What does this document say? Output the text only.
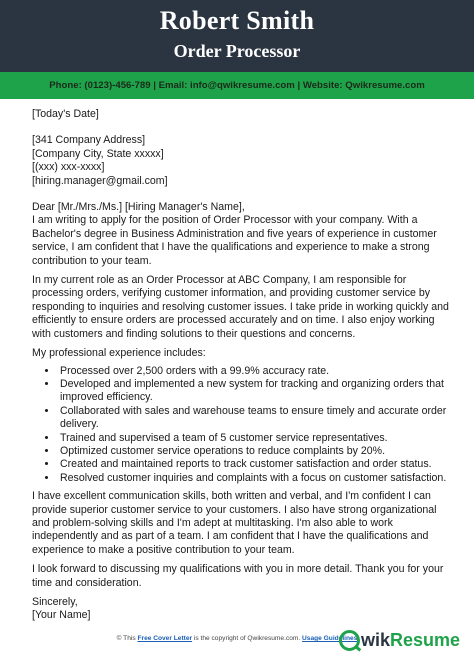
Robert Smith
Order Processor
Phone: (0123)-456-789 | Email: info@qwikresume.com | Website: Qwikresume.com

[Today's Date]

[341 Company Address]

[Company City, State xxxxx]

[(xxx) xxx-xxxx]

[hiring.manager@gmail.com]

Dear [Mr./Mrs./Ms.] [Hiring Manager's Name],

I am writing to apply for the position of Order Processor with your company. With a Bachelor's degree in Business Administration and five years of experience in customer service, I am confident that I have the qualifications and experience to make a strong contribution to your team.

In my current role as an Order Processor at ABC Company, I am responsible for processing orders, verifying customer information, and providing customer service by responding to inquiries and resolving customer issues. I take pride in working quickly and efficiently to ensure orders are processed accurately and on time. I also enjoy working with customers and finding solutions to their questions and concerns.

My professional experience includes:

• Processed over 2,500 orders with a 99.9% accuracy rate.
• Developed and implemented a new system for tracking and organizing orders that improved efficiency.
• Collaborated with sales and warehouse teams to ensure timely and accurate order delivery.
• Trained and supervised a team of 5 customer service representatives.
• Optimized customer service operations to reduce complaints by 20%.
• Created and maintained reports to track customer satisfaction and order status.
• Resolved customer inquiries and complaints with a focus on customer satisfaction.

I have excellent communication skills, both written and verbal, and I'm confident I can provide superior customer service to your customers. I also have strong organizational and problem-solving skills and I'm adept at multitasking. I'm also able to work independently and as part of a team. I am confident that I have the qualifications and experience to make a positive contribution to your team.

I look forward to discussing my qualifications with you in more detail. Thank you for your time and consideration.

Sincerely,

[Your Name]

© This Free Cover Letter is the copyright of Qwikresume.com. Usage Guidelines wik Resume
